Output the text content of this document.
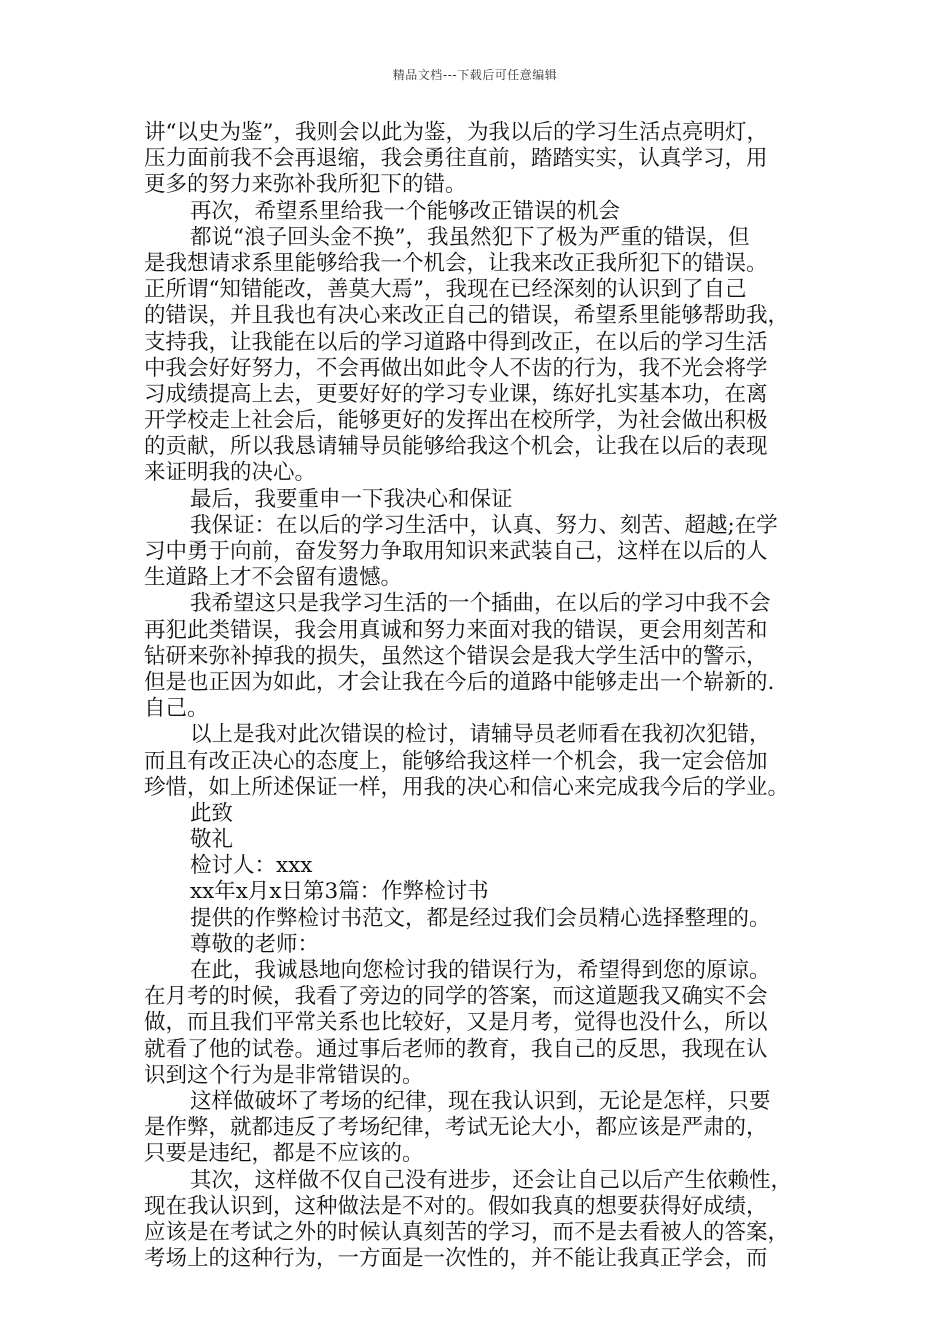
精品文档---下载后可任意编辑
讲“以史为鉴”，我则会以此为鉴，为我以后的学习生活点亮明灯，
压力面前我不会再退缩，我会勇往直前，踏踏实实，认真学习，用
更多的努力来弥补我所犯下的错。
再次，希望系里给我一个能够改正错误的机会
都说“浪子回头金不换”，我虽然犯下了极为严重的错误，但
是我想请求系里能够给我一个机会，让我来改正我所犯下的错误。
正所谓“知错能改，善莫大焉”，我现在已经深刻的认识到了自己
的错误，并且我也有决心来改正自己的错误，希望系里能够帮助我，
支持我，让我能在以后的学习道路中得到改正，在以后的学习生活
中我会好好努力，不会再做出如此令人不齿的行为，我不光会将学
习成绩提高上去，更要好好的学习专业课，练好扎实基本功，在离
开学校走上社会后，能够更好的发挥出在校所学，为社会做出积极
的贡献，所以我恳请辅导员能够给我这个机会，让我在以后的表现
来证明我的决心。
最后，我要重申一下我决心和保证
我保证：在以后的学习生活中，认真、努力、刻苦、超越;在学
习中勇于向前，奋发努力争取用知识来武装自己，这样在以后的人
生道路上才不会留有遗憾。
我希望这只是我学习生活的一个插曲，在以后的学习中我不会
再犯此类错误，我会用真诚和努力来面对我的错误，更会用刻苦和
钻研来弥补掉我的损失，虽然这个错误会是我大学生活中的警示，
但是也正因为如此，才会让我在今后的道路中能够走出一个崭新的.
自己。
以上是我对此次错误的检讨，请辅导员老师看在我初次犯错，
而且有改正决心的态度上，能够给我这样一个机会，我一定会倍加
珍惜，如上所述保证一样，用我的决心和信心来完成我今后的学业。
此致
敬礼
检讨人：xxx
xx年x月x日第3篇：作弊检讨书
提供的作弊检讨书范文，都是经过我们会员精心选择整理的。
尊敬的老师：
在此，我诚恳地向您检讨我的错误行为，希望得到您的原谅。
在月考的时候，我看了旁边的同学的答案，而这道题我又确实不会
做，而且我们平常关系也比较好，又是月考，觉得也没什么，所以
就看了他的试卷。通过事后老师的教育，我自己的反思，我现在认
识到这个行为是非常错误的。
这样做破坏了考场的纪律，现在我认识到，无论是怎样，只要
是作弊，就都违反了考场纪律，考试无论大小，都应该是严肃的，
只要是违纪，都是不应该的。
其次，这样做不仅自己没有进步，还会让自己以后产生依赖性，
现在我认识到，这种做法是不对的。假如我真的想要获得好成绩，
应该是在考试之外的时候认真刻苦的学习，而不是去看被人的答案，
考场上的这种行为，一方面是一次性的，并不能让我真正学会，而
